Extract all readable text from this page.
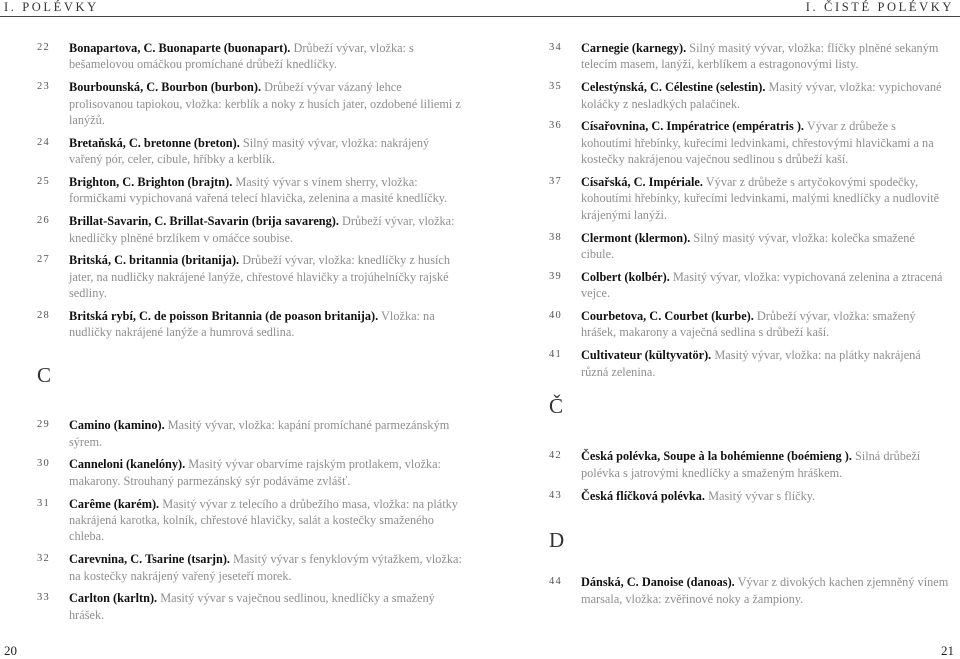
I. POLÉVKY	I. ČISTÉ POLÉVKY
22	Bonapartova, C. Buonaparte (buonapart). Drůbeží vývar, vložka: s bešamelovou omáčkou promíchané drůbeží knedlíčky.
23	Bourbounská, C. Bourbon (burbon). Drůbeží vývar vázaný lehce prolisovanou tapiokou, vložka: kerblík a noky z husích jater, ozdobené liliemi z lanýžů.
24	Bretaňská, C. bretonne (breton). Silný masitý vývar, vložka: nakrájený vařený pór, celer, cibule, hříbky a kerblík.
25	Brighton, C. Brighton (brajtn). Masitý vývar s vínem sherry, vložka: formičkami vypichovaná vařená telecí hlavička, zelenina a masité knedlíčky.
26	Brillat-Savarin, C. Brillat-Savarin (brija savareng). Drůbeží vývar, vložka: knedlíčky plněné brzlíkem v omáčce soubise.
27	Britská, C. britannia (britanija). Drůbeží vývar, vložka: knedlíčky z husích jater, na nudličky nakrájené lanýže, chřestové hlavičky a trojúhelníčky rajské sedliny.
28	Britská rybí, C. de poisson Britannia (de poason britanija). Vložka: na nudličky nakrájené lanýže a humrová sedlina.
C
29	Camino (kamino). Masitý vývar, vložka: kapání promíchané parmezánským sýrem.
30	Canneloni (kanelóny). Masitý vývar obarvíme rajským protlakem, vložka: makarony. Strouhaný parmezánský sýr podáváme zvlášť.
31	Carême (karém). Masitý vývar z telecího a drůbežího masa, vložka: na plátky nakrájená karotka, kolník, chřestové hlavičky, salát a kostečky smaženého chleba.
32	Carevnina, C. Tsarine (tsarjn). Masitý vývar s fenyklovým výtažkem, vložka: na kostečky nakrájený vařený jeseteří morek.
33	Carlton (karltn). Masitý vývar s vaječnou sedlinou, knedlíčky a smažený hrášek.
34	Carnegie (karnegy). Silný masitý vývar, vložka: flíčky plněné sekaným telecím masem, lanýži, kerblíkem a estragonovými listy.
35	Celestýnská, C. Célestine (selestin). Masitý vývar, vložka: vypichované koláčky z nesladkých palačinek.
36	Císařovnina, C. Impératrice (empératris ). Vývar z drůbeže s kohoutími hřebínky, kuřecími ledvinkami, chřestovými hlavičkami a na kostečky nakrájenou vaječnou sedlinou s drůbeží kaší.
37	Císařská, C. Impériale. Vývar z drůbeže s artyčokovými spodečky, kohoutími hřebínky, kuřecími ledvinkami, malými knedlíčky a nudlovitě krájenými lanýži.
38	Clermont (klermon). Silný masitý vývar, vložka: kolečka smažené cibule.
39	Colbert (kolbér). Masitý vývar, vložka: vypichovaná zelenina a ztracená vejce.
40	Courbetova, C. Courbet (kurbe). Drůbeží vývar, vložka: smažený hrášek, makarony a vaječná sedlina s drůbeží kaší.
41	Cultivateur (kültyvatör). Masitý vývar, vložka: na plátky nakrájená různá zelenina.
Č
42	Česká polévka, Soupe à la bohémienne (boémieng ). Silná drůbeží polévka s jatrovými knedlíčky a smaženým hráškem.
43	Česká flíčková polévka. Masitý vývar s flíčky.
D
44	Dánská, C. Danoise (danoas). Vývar z divokých kachen zjemněný vínem marsala, vložka: zvěřinové noky a žampiony.
20	21
